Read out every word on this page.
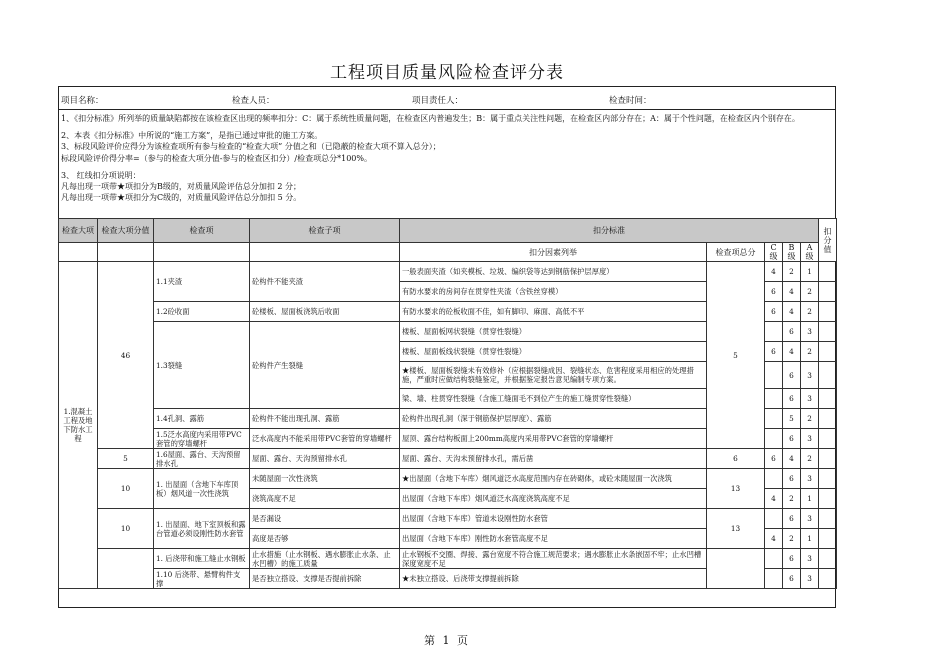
工程项目质量风险检查评分表
项目名称：	检查人员：	项目责任人：	检查时间：
1、《扣分标准》所列举的质量缺陷都按在该检查区出现的频率扣分：C：属于系统性质量问题，在检查区内普遍发生；B：属于重点关注性问题，在检查区内部分存在；A：属于个性问题，在检查区内个别存在。
2、本表《扣分标准》中所说的“施工方案”，是指已通过审批的施工方案。
3、标段风险评价应得分为该检查项所有参与检查的“检查大项” 分值之和（已隐蔽的检查大项不算入总分）；
标段风险评价得分率=（参与的检查大项分值-参与的检查区扣分）/检查项总分*100%。
3、 红线扣分项说明：
凡每出现一项带★项扣分为B级的，对质量风险评估总分加扣 2 分；
凡每出现一项带★项扣分为C级的，对质量风险评估总分加扣 5 分。
检查大项	检查大项分值	检查项	检查子项	扣分标准					扣分值
				扣分因素列举	检查项总分	C级	B级	A级	
1.混凝土工程及地下防水工程	46	1.1夹渣	砼构件不能夹渣	一般表面夹渣（如夹模板、垃圾、编织袋等达到钢筋保护层厚度）	5	4	2	1	
				有防水要求的房间存在贯穿性夹渣（含铁丝穿模）		6	4	2	
		1.2砼收面	砼楼板、屋面板浇筑后收面	有防水要求的砼板收面不佳，如有脚印、麻面、高低不平		6	4	2	
		1.3裂缝	砼构件产生裂缝	楼板、屋面板网状裂缝（贯穿性裂缝）			6	3	
				楼板、屋面板线状裂缝（贯穿性裂缝）		6	4	2	
				★楼板、屋面板裂缝未有效修补（应根据裂缝成因、裂缝状态、危害程度采用相应的处理措施，严重时应做结构裂缝鉴定，并根据鉴定报告意见编制专项方案。			6	3	
				梁、墙、柱贯穿性裂缝（含施工缝面毛不到位产生的施工缝贯穿性裂缝）			6	3	
		1.4孔洞、露筋	砼构件不能出现孔洞、露筋	砼构件出现孔洞（深于钢筋保护层厚度）、露筋			5	2	
		1.5泛水高度内采用带PVC套管的穿墙螺杆	泛水高度内不能采用带PVC套管的穿墙螺杆	屋顶、露台结构板面上200mm高度内采用带PVC套管的穿墙螺杆			6	3	
	5	1.6屋面、露台、天沟预留排水孔	屋面、露台、天沟预留排水孔	屋面、露台、天沟未预留排水孔，需后凿	6	6	4	2	
	10	1. 出屋面（含地下车库顶板）烟风道一次性浇筑	未随屋面一次性浇筑	★出屋面（含地下车库）烟风道泛水高度范围内存在砖砌体，或砼未随屋面一次浇筑	13		6	3	
			浇筑高度不足	出屋面（含地下车库）烟风道泛水高度浇筑高度不足		4	2	1	
	10	1. 出屋面、地下室顶板和露台管道必须设刚性防水套管	是否漏设	出屋面（含地下车库）管道未设刚性防水套管	13		6	3	
			高度是否够	出屋面（含地下车库）刚性防水套管高度不足		4	2	1	
		1. 后浇带和施工缝止水钢板	止水措施（止水钢板、遇水膨胀止水条、止水凹槽）的施工质量	止水钢板不交圈、焊接、露台宽度不符合施工规范要求；遇水膨胀止水条嵌固不牢；止水凹槽深度宽度不足			6	3	
		1.10 后浇带、悬臂构件支撑	是否独立搭设、支撑是否提前拆除	★未独立搭设、后浇带支撑提前拆除			6	3	
第 1 页
